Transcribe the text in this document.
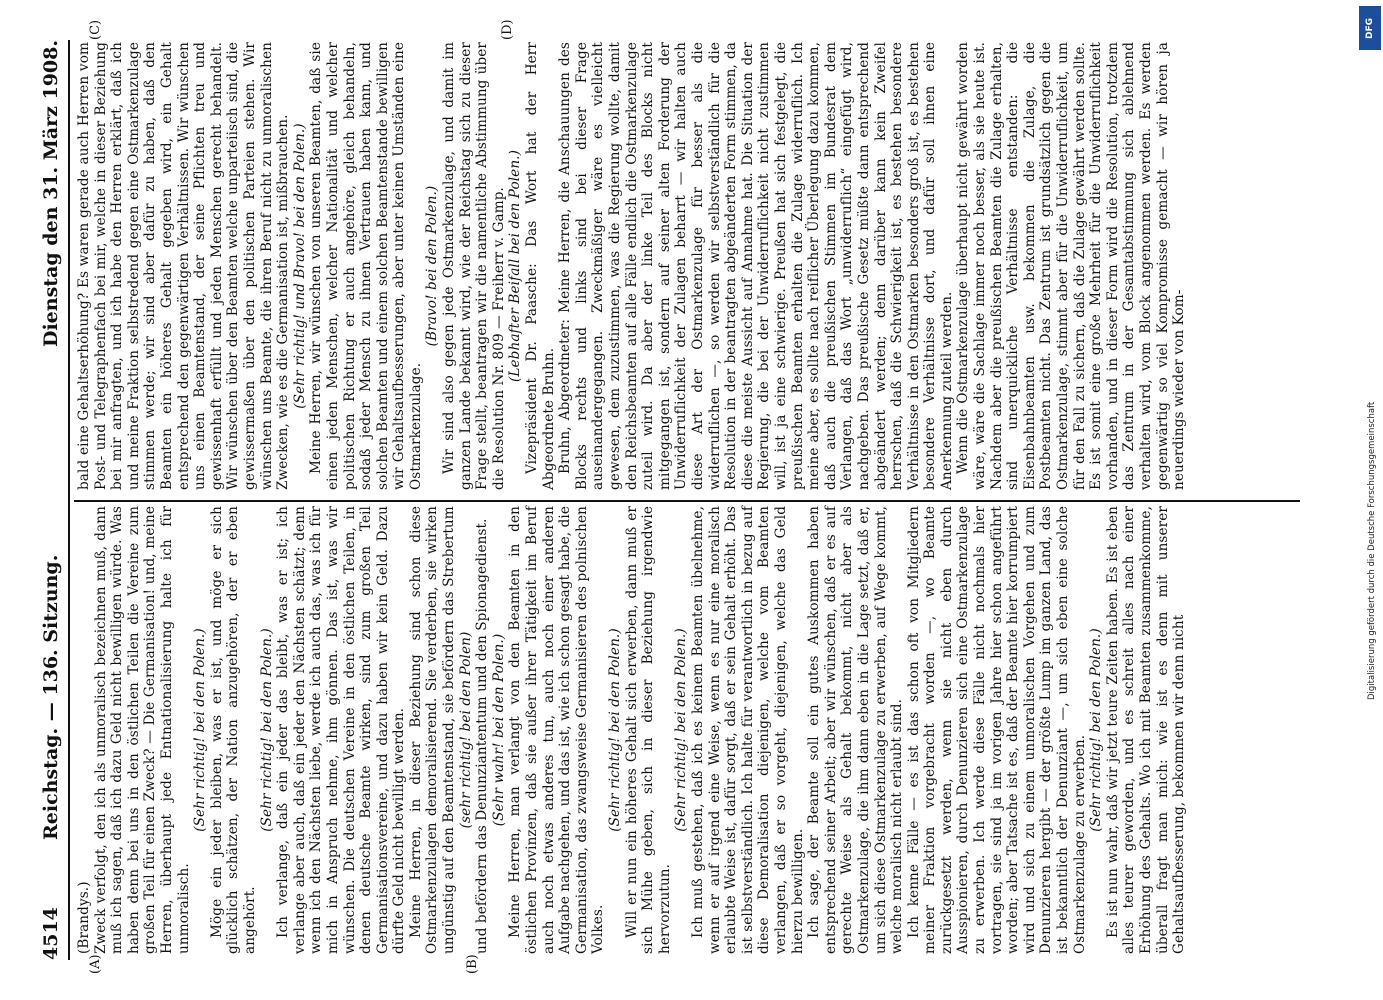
4514
Reichstag. — 136. Sitzung.
Dienstag den 31. März 1908.
(A)	(B)
(C)	(D)

(Brandys.) Zweck verfolgt, den ich als unmoralisch bezeichnen muß, dann muß ich sagen, daß ich dazu Geld nicht bewilligen würde. Was haben denn bei uns in den östlichen Teilen die Vereine zum großen Teil für einen Zweck? — Die Germanisation! und, meine Herren, überhaupt jede Entnationalisierung halte ich für unmoralisch.

(Sehr richtig! bei den Polen.) Möge ein jeder bleiben, was er ist, und möge er sich glücklich schätzen, der Nation anzugehören, der er eben angehört.

(Sehr richtig! bei den Polen.) Ich verlange, daß ein jeder das bleibt, was er ist; ich verlange aber auch, daß ein jeder den Nächsten schätzt; denn wenn ich den Nächsten liebe, werde ich auch das, was ich für mich in Anspruch nehme, ihm gönnen. Das ist, was wir wünschen. Die deutschen Vereine in den östlichen Teilen, in denen deutsche Beamte wirken, sind zum großen Teil Germanisationsvereine, und dazu haben wir kein Geld. Dazu dürfte Geld nicht bewilligt werden. Meine Herren, in dieser Beziehung sind schon diese Ostmarkenzulagen demoralisierend. Sie verderben, sie wirken ungünstig auf den Beamtenstand, sie befördern das Strebertum (sehr richtig! bei den Polen) und befördern das Denunziantentum und den Spionagedienst. (Sehr wahr! bei den Polen.) Meine Herren, man verlangt von den Beamten in den östlichen Provinzen, daß sie außer ihrer Tätigkeit im Beruf auch noch etwas anderes tun, auch noch einer anderen Aufgabe nachgehen, und das ist, wie ich schon gesagt habe, die Germanisation, das zwangsweise Germanisieren des polnischen Volkes.

(Sehr richtig! bei den Polen.) Will er nun ein höheres Gehalt sich erwerben, dann muß er sich Mühe geben, sich in dieser Beziehung irgendwie hervorzutun.

(Sehr richtig! bei den Polen.) Ich muß gestehen, daß ich es keinem Beamten übelnehme, wenn er auf irgend eine Weise, wenn es nur eine moralisch erlaubte Weise ist, dafür sorgt, daß er sein Gehalt erhöht. Das ist selbstverständlich. Ich halte für verantwortlich in bezug auf diese Demoralisation diejenigen, welche vom Beamten verlangen, daß er so vorgeht, diejenigen, welche das Geld hierzu bewilligen. Ich sage, der Beamte soll ein gutes Auskommen haben entsprechend seiner Arbeit; aber wir wünschen, daß er es auf gerechte Weise als Gehalt bekommt, nicht aber als Ostmarkenzulage, die ihm dann eben in die Lage setzt, daß er, um sich diese Ostmarkenzulage zu erwerben, auf Wege kommt, welche moralisch nicht erlaubt sind. Ich kenne Fälle — es ist das schon oft von Mitgliedern meiner Fraktion vorgebracht worden —, wo Beamte zurückgesetzt werden, wenn sie nicht eben durch Ausspionieren, durch Denunzieren sich eine Ostmarkenzulage zu erwerben. Ich werde diese Fälle nicht nochmals hier vortragen, sie sind ja im vorigen Jahre hier schon angeführt worden; aber Tatsache ist es, daß der Beamte hier korrumpiert wird und sich zu einem unmoralischen Vorgehen und zum Denunzieren hergibt — der größte Lump im ganzen Land, das ist bekanntlich der Denunziant —, um sich eben eine solche Ostmarkenzulage zu erwerben.

(Sehr richtig! bei den Polen.) Es ist nun wahr, daß wir jetzt teure Zeiten haben. Es ist eben alles teurer geworden, und es schreit alles nach einer Erhöhung des Gehalts. Wo ich mit Beamten zusammenkomme, überall fragt man mich: wie ist es denn mit unserer Gehaltsaufbesserung, bekommen wir denn nicht

bald eine Gehaltserhöhung? Es waren gerade auch Herren vom Post- und Telegraphenfach bei mir, welche in dieser Beziehung bei mir anfragten, und ich habe den Herren erklärt, daß ich und meine Fraktion selbstredend gegen eine Ostmarkenzulage stimmen werde; wir sind aber dafür zu haben, daß den Beamten ein höheres Gehalt gegeben wird, ein Gehalt entsprechend den gegenwärtigen Verhältnissen. Wir wünschen uns einen Beamtenstand, der seine Pflichten treu und gewissenhaft erfüllt und jeden Menschen gerecht behandelt. Wir wünschen über den Beamten welche unparteiisch sind, die gewissermaßen über den politischen Parteien stehen. Wir wünschen uns Beamte, die ihren Beruf nicht zu unmoralischen Zwecken, wie es die Germanisation ist, mißbrauchen. (Sehr richtig! und Bravo! bei den Polen.) Meine Herren, wir wünschen von unseren Beamten, daß sie einen jeden Menschen, welcher Nationalität und welcher politischen Richtung er auch angehöre, gleich behandeln, sodaß jeder Mensch zu ihnen Vertrauen haben kann, und solchen Beamten und einem solchen Beamtenstande bewilligen wir Gehaltsaufbesserungen, aber unter keinen Umständen eine Ostmarkenzulage.

(Bravo! bei den Polen.) Wir sind also gegen jede Ostmarkenzulage, und damit im ganzen Lande bekannt wird, wie der Reichstag sich zu dieser Frage stellt, beantragen wir die namentliche Abstimmung über die Resolution Nr. 809 — Freiherr v. Gamp. (Lebhafter Beifall bei den Polen.) Vizepräsident Dr. Paasche: Das Wort hat der Herr Abgeordnete Bruhn. Bruhn, Abgeordneter: Meine Herren, die Anschauungen des Blocks rechts und links sind bei dieser Frage auseinandergegangen. Zweckmäßiger wäre es vielleicht gewesen, dem zuzustimmen, was die Regierung wollte, damit den Reichsbeamten auf alle Fälle endlich die Ostmarkenzulage zuteil wird. Da aber der linke Teil des Blocks nicht mitgegangen ist, sondern auf seiner alten Forderung der Unwiderruflichkeit der Zulagen beharrt — wir halten auch diese Art der Ostmarkenzulage für besser als die widerruflichen —, so werden wir selbstverständlich für die Resolution in der beantragten abgeänderten Form stimmen, da diese die meiste Aussicht auf Annahme hat. Die Situation der Regierung, die bei der Unwiderruflichkeit nicht zustimmen will, ist ja eine schwierige. Preußen hat sich festgelegt, die preußischen Beamten erhalten die Zulage widerruflich. Ich meine aber, es sollte nach reiflicher Überlegung dazu kommen, daß auch die preußischen Stimmen im Bundesrat dem Verlangen, daß das Wort „unwiderruflich“ eingefügt wird, nachgeben. Das preußische Gesetz müßte dann entsprechend abgeändert werden; denn darüber kann kein Zweifel herrschen, daß die Schwierigkeit ist, es bestehen besondere Verhältnisse in den Ostmarken besonders groß ist, es bestehen besondere Verhältnisse dort, und dafür soll ihnen eine Anerkennung zuteil werden. Wenn die Ostmarkenzulage überhaupt nicht gewährt worden wäre, wäre die Sachlage immer noch besser, als sie heute ist. Nachdem aber die preußischen Beamten die Zulage erhalten, sind unerquickliche Verhältnisse entstanden: die Eisenbahnbeamten usw. bekommen die Zulage, die Postbeamten nicht. Das Zentrum ist grundsätzlich gegen die Ostmarkenzulage, stimmt aber für die Unwiderruflichkeit, um für den Fall zu sichern, daß die Zulage gewährt werden sollte. Es ist somit eine große Mehrheit für die Unwiderruflichkeit vorhanden, und in dieser Form wird die Resolution, trotzdem das Zentrum in der Gesamtabstimmung sich ablehnend verhalten wird, vom Block angenommen werden. Es werden gegenwärtig so viel Kompromisse gemacht — wir hören ja neuerdings wieder von Kom-

DFG
Digitalisierung gefördert durch die Deutsche Forschungsgemeinschaft
